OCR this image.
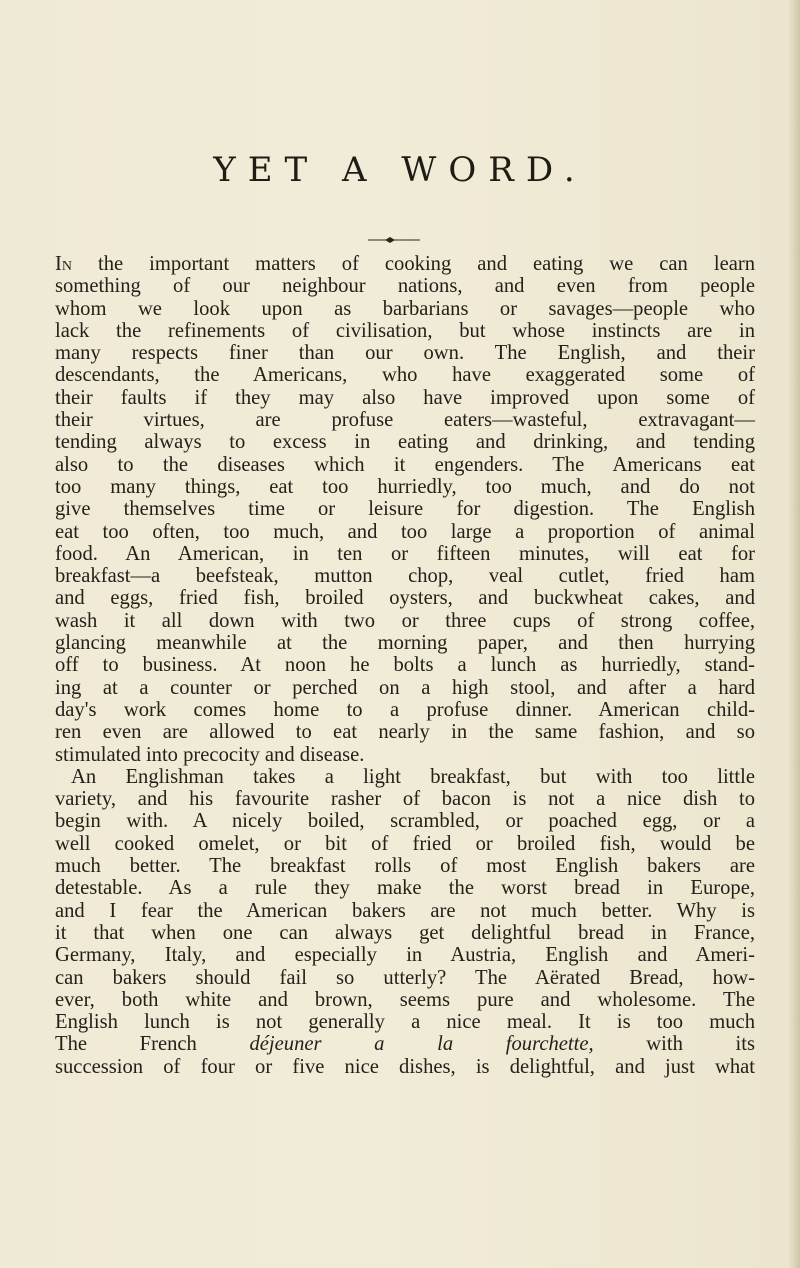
YET A WORD.
In the important matters of cooking and eating we can learn
something of our neighbour nations, and even from people
whom we look upon as barbarians or savages—people who
lack the refinements of civilisation, but whose instincts are in
many respects finer than our own. The English, and their
descendants, the Americans, who have exaggerated some of
their faults if they may also have improved upon some of
their virtues, are profuse eaters—wasteful, extravagant—
tending always to excess in eating and drinking, and tending
also to the diseases which it engenders. The Americans eat
too many things, eat too hurriedly, too much, and do not
give themselves time or leisure for digestion. The English
eat too often, too much, and too large a proportion of animal
food. An American, in ten or fifteen minutes, will eat for
breakfast—a beefsteak, mutton chop, veal cutlet, fried ham
and eggs, fried fish, broiled oysters, and buckwheat cakes, and
wash it all down with two or three cups of strong coffee,
glancing meanwhile at the morning paper, and then hurrying
off to business. At noon he bolts a lunch as hurriedly, stand-
ing at a counter or perched on a high stool, and after a hard
day's work comes home to a profuse dinner. American child-
ren even are allowed to eat nearly in the same fashion, and so
stimulated into precocity and disease.
An Englishman takes a light breakfast, but with too little
variety, and his favourite rasher of bacon is not a nice dish to
begin with. A nicely boiled, scrambled, or poached egg, or a
well cooked omelet, or bit of fried or broiled fish, would be
much better. The breakfast rolls of most English bakers are
detestable. As a rule they make the worst bread in Europe,
and I fear the American bakers are not much better. Why is
it that when one can always get delightful bread in France,
Germany, Italy, and especially in Austria, English and Ameri-
can bakers should fail so utterly? The Aërated Bread, how-
ever, both white and brown, seems pure and wholesome. The
English lunch is not generally a nice meal. It is too much
The French	déjeuner a la fourchette,	with its
succession of four or five nice dishes, is delightful, and just what
